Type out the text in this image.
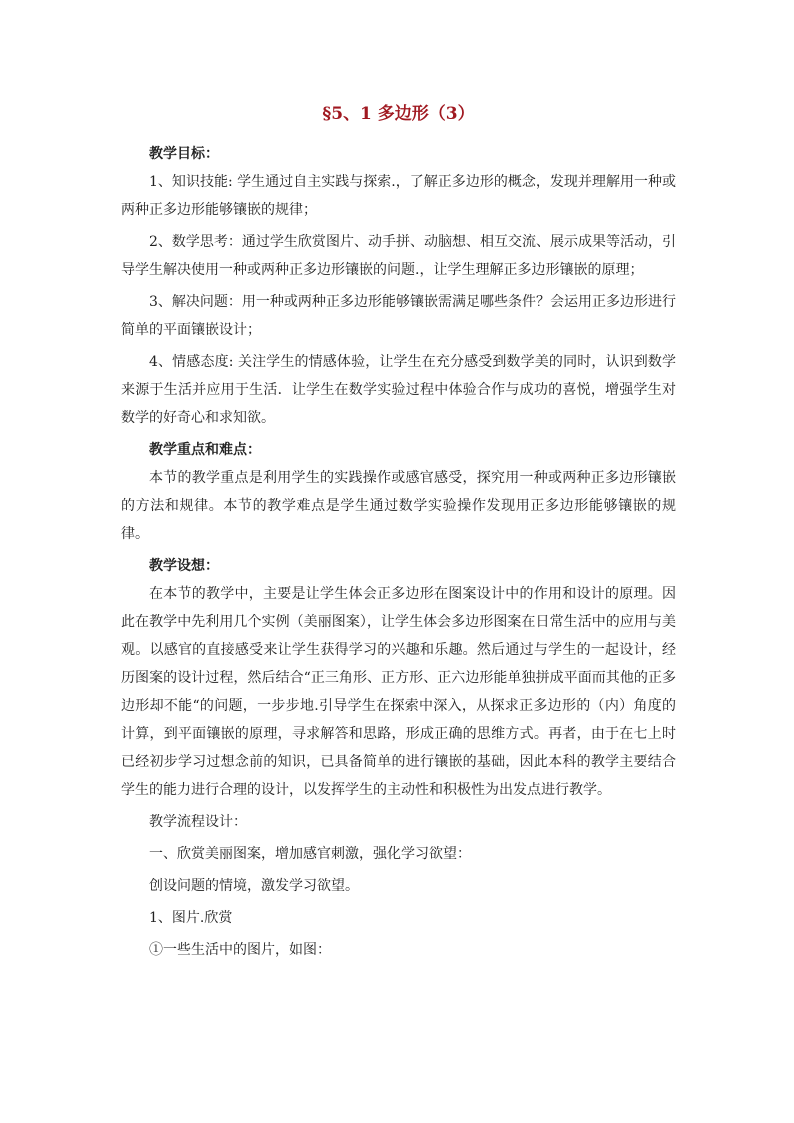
§5、1 多边形（3）

教学目标：

1、知识技能: 学生通过自主实践与探索.，了解正多边形的概念，发现并理解用一种或两种正多边形能够镶嵌的规律；

2、数学思考：通过学生欣赏图片、动手拼、动脑想、相互交流、展示成果等活动，引导学生解决使用一种或两种正多边形镶嵌的问题.，让学生理解正多边形镶嵌的原理；

3、解决问题：用一种或两种正多边形能够镶嵌需满足哪些条件？会运用正多边形进行简单的平面镶嵌设计；

4、情感态度: 关注学生的情感体验，让学生在充分感受到数学美的同时，认识到数学来源于生活并应用于生活．让学生在数学实验过程中体验合作与成功的喜悦，增强学生对数学的好奇心和求知欲。

教学重点和难点：

本节的教学重点是利用学生的实践操作或感官感受，探究用一种或两种正多边形镶嵌的方法和规律。本节的教学难点是学生通过数学实验操作发现用正多边形能够镶嵌的规律。

教学设想：

在本节的教学中，主要是让学生体会正多边形在图案设计中的作用和设计的原理。因此在教学中先利用几个实例（美丽图案），让学生体会多边形图案在日常生活中的应用与美观。以感官的直接感受来让学生获得学习的兴趣和乐趣。然后通过与学生的一起设计，经历图案的设计过程，然后结合“正三角形、正方形、正六边形能单独拼成平面而其他的正多边形却不能“的问题，一步步地.引导学生在探索中深入，从探求正多边形的（内）角度的计算，到平面镶嵌的原理，寻求解答和思路，形成正确的思维方式。再者，由于在七上时已经初步学习过想念前的知识，已具备简单的进行镶嵌的基础，因此本科的教学主要结合学生的能力进行合理的设计，以发挥学生的主动性和积极性为出发点进行教学。

教学流程设计：

一、欣赏美丽图案，增加感官刺激，强化学习欲望：

创设问题的情境，激发学习欲望。

1、图片.欣赏

①一些生活中的图片，如图：
